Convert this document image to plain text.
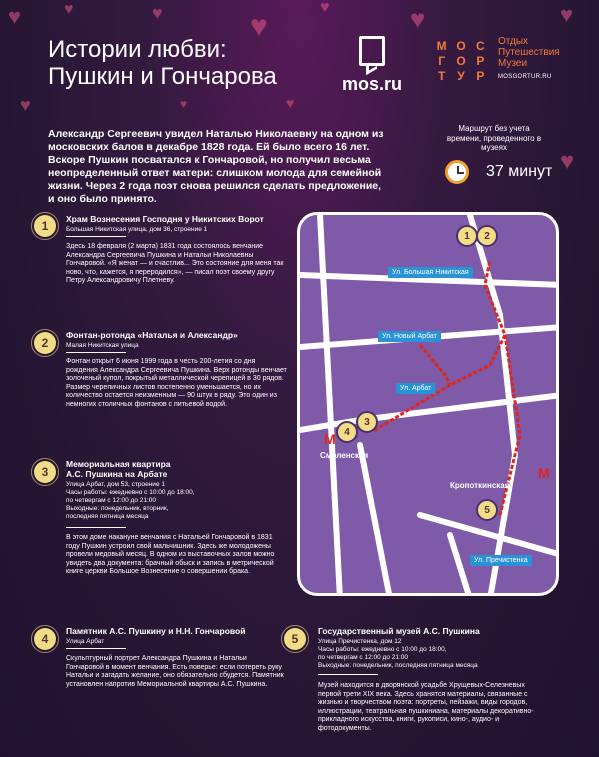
♥	♥	♥	♥
♥	♥	♥
♥	♥
♥
♥
Истории любви:
Пушкин и Гончарова	mos.ru
М О С
Г О Р
Т У Р
Отдых
Путешествия
Музеи
MOSGORTUR.RU
Александр Сергеевич увидел Наталью Николаевну на одном из московских балов в декабре 1828 года. Ей было всего 16 лет. Вскоре Пушкин посватался к Гончаровой, но получил весьма неопределенный ответ матери: слишком молода для семейной жизни. Через 2 года поэт снова решился сделать предложение, и оно было принято.
Маршрут без учета времени, проведенного в музеях
37 минут
1	Храм Вознесения Господня у Никитских Ворот
Большая Никитская улица, дом 36, строение 1
Здесь 18 февраля (2 марта) 1831 года состоялось венчание Александра Сергеевича Пушкина и Натальи Николаевны Гончаровой. «Я женат — и счастлив... Это состояние для меня так ново, что, кажется, я переродился», — писал поэт своему другу Петру Александровичу Плетневу.
2
Фонтан-ротонда «Наталья и Александр»
Малая Никитская улица
Фонтан открыт 6 июня 1999 года в честь 200-летия со дня рождения Александра Сергеевича Пушкина. Верх ротонды венчает золоченый купол, покрытый металлической черепицей в 30 рядов. Размер черепичных листов постепенно уменьшается, но их количество остается неизменным — 90 штук в ряду. Это один из немногих столичных фонтанов с питьевой водой.
3
Мемориальная квартира
А.С. Пушкина на Арбате
Улица Арбат, дом 53, строение 1
Часы работы: ежедневно с 10:00 до 18:00,
по четвергам с 12:00 до 21:00
Выходные: понедельник, вторник,
последняя пятница месяца
В этом доме накануне венчания с Натальей Гончаровой в 1831 году Пушкин устроил свой мальчишник. Здесь же молодожены провели медовый месяц. В одном из выставочных залов можно увидеть два документа: брачный обыск и запись в метрической книге церкви Большое Вознесение о совершении брака.
4
Памятник А.С. Пушкину и Н.Н. Гончаровой
Улица Арбат
Скульптурный портрет Александра Пушкина и Натальи Гончаровой в момент венчания. Есть поверье: если потереть руку Натальи и загадать желание, оно обязательно сбудется. Памятник установлен напротив Мемориальной квартиры А.С. Пушкина.
5
Государственный музей А.С. Пушкина
Улица Пречистенка, дом 12
Часы работы: ежедневно с 10:00 до 18:00,
по четвергам с 12:00 до 21:00
Выходные: понедельник, последняя пятница месяца
Музей находится в дворянской усадьбе Хрущевых-Селезневых первой трети XIX века. Здесь хранятся материалы, связанные с жизнью и творчеством поэта: портреты, пейзажи, виды городов, иллюстрации, театральная пушкиниана, материалы декоративно-прикладного искусства, книги, рукописи, кино-, аудио- и фотодокументы.
Ул. Большая Никитская
Ул. Новый Арбат
Ул. Арбат
Ул. Пречистенка
М
Смоленская
М
Кропоткинская
1	2
3
4
5
